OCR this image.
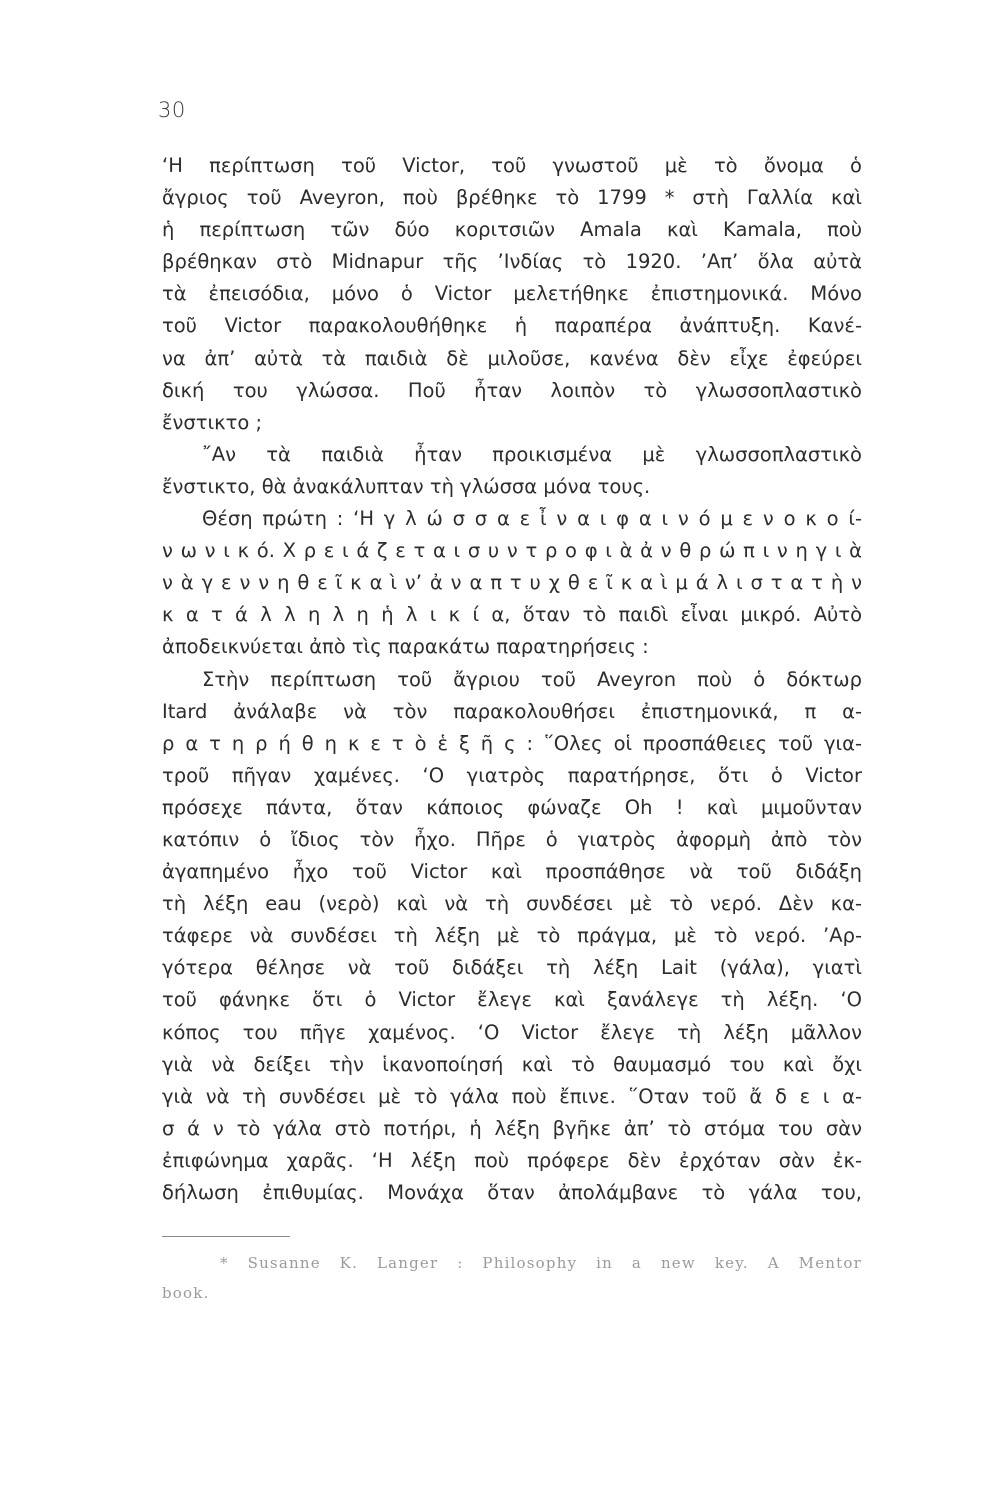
30
‘Η περίπτωση τοῦ Victor, τοῦ γνωστοῦ μὲ τὸ ὄνομα ὁ
ἄγριος τοῦ Aveyron, ποὺ βρέθηκε τὸ 1799 * στὴ Γαλλία καὶ
ἡ περίπτωση τῶν δύο κοριτσιῶν Amala καὶ Kamala, ποὺ
βρέθηκαν στὸ Midnapur τῆς ’Ινδίας τὸ 1920. ’Απ’ ὅλα αὐτὰ
τὰ ἐπεισόδια, μόνο ὁ Victor μελετήθηκε ἐπιστημονικά. Μόνο
τοῦ Victor παρακολουθήθηκε ἡ παραπέρα ἀνάπτυξη. Κανέ-
να ἀπ’ αὐτὰ τὰ παιδιὰ δὲ μιλοῦσε, κανένα δὲν εἶχε ἐφεύρει
δική του γλώσσα. Ποῦ ἦταν λοιπὸν τὸ γλωσσοπλαστικὸ
ἔνστικτο ;
῎Αν τὰ παιδιὰ ἦταν προικισμένα μὲ γλωσσοπλαστικὸ
ἔνστικτο, θὰ ἀνακάλυπταν τὴ γλώσσα μόνα τους.
Θέση πρώτη : ‘Η γ λ ώ σ σ α ε ἶ ν α ι φ α ι ν ό μ ε ν ο κ ο ί-
ν ω ν ι κ ό. Χ ρ ε ι ά ζ ε τ α ι σ υ ν τ ρ ο φ ι ὰ ἀ ν θ ρ ώ π ι ν η γ ι ὰ
ν ὰ γ ε ν ν η θ ε ῖ κ α ὶ ν’ ἀ ν α π τ υ χ θ ε ῖ κ α ὶ μ ά λ ι σ τ α τ ὴ ν
κ α τ ά λ λ η λ η ἡ λ ι κ ί α, ὅταν τὸ παιδὶ εἶναι μικρό. Αὐτὸ
ἀποδεικνύεται ἀπὸ τὶς παρακάτω παρατηρήσεις :
Στὴν περίπτωση τοῦ ἄγριου τοῦ Aveyron ποὺ ὁ δόκτωρ
Itard ἀνάλαβε νὰ τὸν παρακολουθήσει ἐπιστημονικά, π α-
ρ α τ η ρ ή θ η κ ε τ ὸ ἑ ξ ῆ ς : ῞Ολες οἱ προσπάθειες τοῦ για-
τροῦ πῆγαν χαμένες. ‘Ο γιατρὸς παρατήρησε, ὅτι ὁ Victor
πρόσεχε πάντα, ὅταν κάποιος φώναζε Oh ! καὶ μιμοῦνταν
κατόπιν ὁ ἴδιος τὸν ἦχο. Πῆρε ὁ γιατρὸς ἀφορμὴ ἀπὸ τὸν
ἀγαπημένο ἦχο τοῦ Victor καὶ προσπάθησε νὰ τοῦ διδάξη
τὴ λέξη eau (νερὸ) καὶ νὰ τὴ συνδέσει μὲ τὸ νερό. Δὲν κα-
τάφερε νὰ συνδέσει τὴ λέξη μὲ τὸ πράγμα, μὲ τὸ νερό. ’Αρ-
γότερα θέλησε νὰ τοῦ διδάξει τὴ λέξη Lait (γάλα), γιατὶ
τοῦ φάνηκε ὅτι ὁ Victor ἔλεγε καὶ ξανάλεγε τὴ λέξη. ‘Ο
κόπος του πῆγε χαμένος. ‘Ο Victor ἔλεγε τὴ λέξη μᾶλλον
γιὰ νὰ δείξει τὴν ἱκανοποίησή καὶ τὸ θαυμασμό του καὶ ὄχι
γιὰ νὰ τὴ συνδέσει μὲ τὸ γάλα ποὺ ἔπινε. ῞Οταν τοῦ ἄ δ ε ι α-
σ ά ν τὸ γάλα στὸ ποτήρι, ἡ λέξη βγῆκε ἀπ’ τὸ στόμα του σὰν
ἐπιφώνημα χαρᾶς. ‘Η λέξη ποὺ πρόφερε δὲν ἐρχόταν σὰν ἐκ-
δήλωση ἐπιθυμίας. Μονάχα ὅταν ἀπολάμβανε τὸ γάλα του,
* Susanne K. Langer : Philosophy in a new key. A Mentor
book.
